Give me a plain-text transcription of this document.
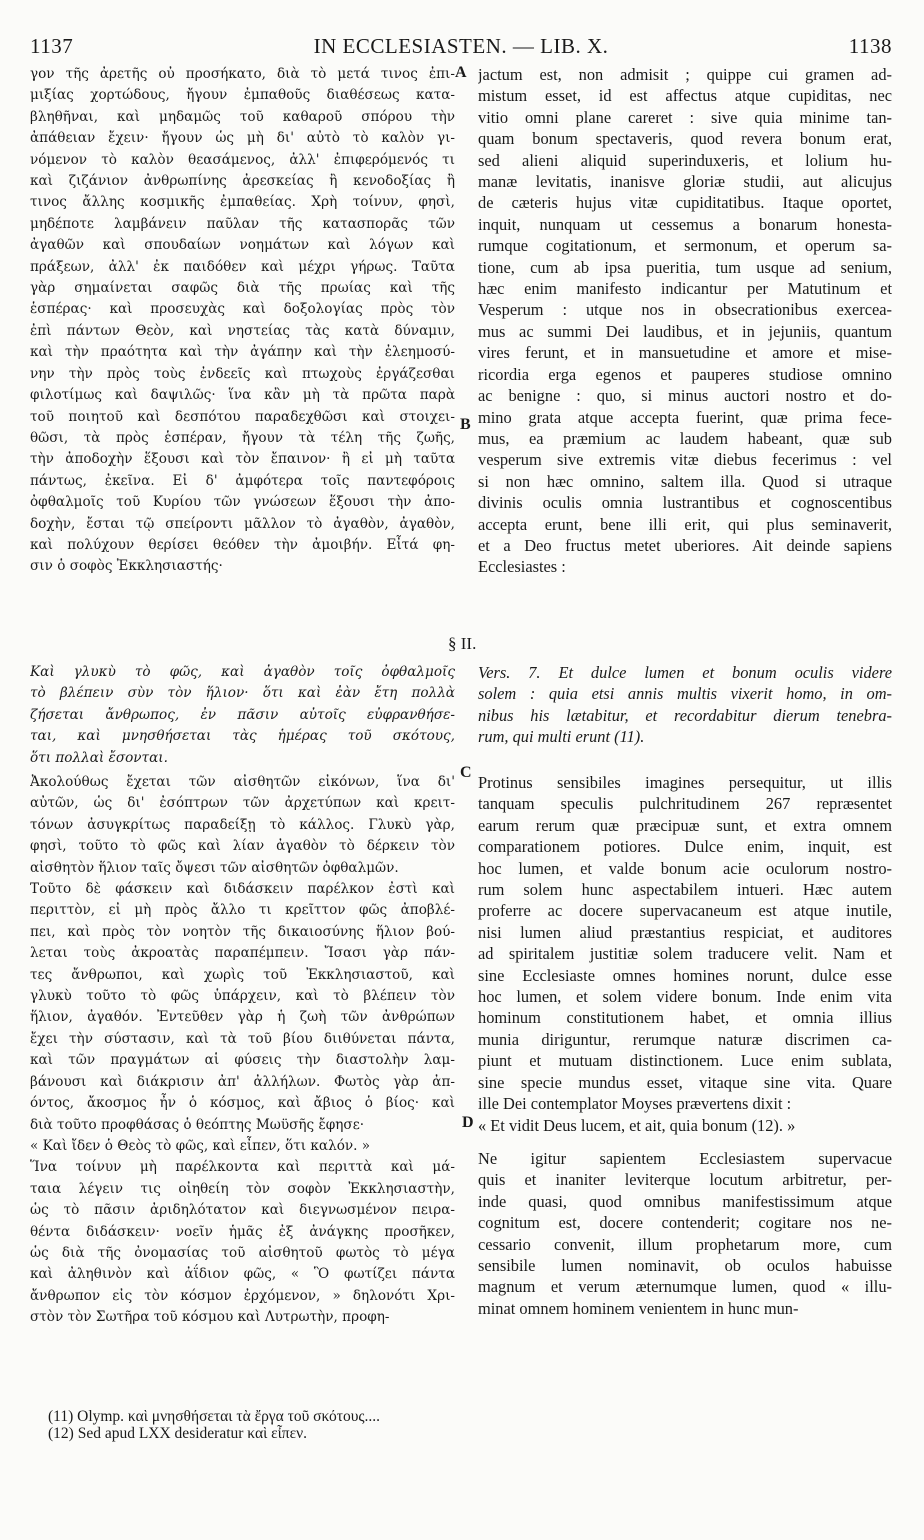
1137	IN ECCLESIASTEN. — LIB. X.	1138
γον τῆς ἀρετῆς οὐ προσήκατο, διὰ τὸ μετά τινος ἐπι-
μιξίας χορτώδους, ἤγουν ἐμπαθοῦς διαθέσεως κατα-
βληθῆναι, καὶ μηδαμῶς τοῦ καθαροῦ σπόρου τὴν
ἀπάθειαν ἔχειν· ἤγουν ὡς μὴ δι' αὐτὸ τὸ καλὸν γι-
νόμενον τὸ καλὸν θεασάμενος, ἀλλ' ἐπιφερόμενός τι
καὶ ζιζάνιον ἀνθρωπίνης ἀρεσκείας ἢ κενοδοξίας ἢ
τινος ἄλλης κοσμικῆς ἐμπαθείας. Χρὴ τοίνυν, φησὶ,
μηδέποτε λαμβάνειν παῦλαν τῆς κατασπορᾶς τῶν
ἀγαθῶν καὶ σπουδαίων νοημάτων καὶ λόγων καὶ
πράξεων, ἀλλ' ἐκ παιδόθεν καὶ μέχρι γήρως. Ταῦτα
γὰρ σημαίνεται σαφῶς διὰ τῆς πρωίας καὶ τῆς
ἑσπέρας· καὶ προσευχὰς καὶ δοξολογίας πρὸς τὸν
ἐπὶ πάντων Θεὸν, καὶ νηστείας τὰς κατὰ δύναμιν,
καὶ τὴν πραότητα καὶ τὴν ἀγάπην καὶ τὴν ἐλεημοσύ-
νην τὴν πρὸς τοὺς ἐνδεεῖς καὶ πτωχοὺς ἐργάζεσθαι
φιλοτίμως καὶ δαψιλῶς· ἵνα κἂν μὴ τὰ πρῶτα παρὰ
τοῦ ποιητοῦ καὶ δεσπότου παραδεχθῶσι καὶ στοιχει-
θῶσι, τὰ πρὸς ἑσπέραν, ἤγουν τὰ τέλη τῆς ζωῆς,
τὴν ἀποδοχὴν ἕξουσι καὶ τὸν ἔπαινον· ἢ εἰ μὴ ταῦτα
πάντως, ἐκεῖνα. Εἰ δ' ἀμφότερα τοῖς παντεφόροις
ὀφθαλμοῖς τοῦ Κυρίου τῶν γνώσεων ἕξουσι τὴν ἀπο-
δοχὴν, ἔσται τῷ σπείροντι μᾶλλον τὸ ἀγαθὸν, ἀγαθὸν,
καὶ πολύχουν θερίσει θεόθεν τὴν ἀμοιβήν. Εἶτά φη-
σιν ὁ σοφὸς Ἐκκλησιαστής·
jactum est, non admisit ; quippe cui gramen ad-
mistum esset, id est affectus atque cupiditas, nec
vitio omni plane careret : sive quia minime tan-
quam bonum spectaveris, quod revera bonum erat,
sed alieni aliquid superinduxeris, et lolium hu-
manæ levitatis, inanisve gloriæ studii, aut alicujus
de cæteris hujus vitæ cupiditatibus. Itaque oportet,
inquit, nunquam ut cessemus a bonarum honesta-
rumque cogitationum, et sermonum, et operum sa-
tione, cum ab ipsa pueritia, tum usque ad senium,
hæc enim manifesto indicantur per Matutinum et
Vesperum : utque nos in obsecrationibus exercea-
mus ac summi Dei laudibus, et in jejuniis, quantum
vires ferunt, et in mansuetudine et amore et mise-
ricordia erga egenos et pauperes studiose omnino
ac benigne : quo, si minus auctori nostro et do-
mino grata atque accepta fuerint, quæ prima fece-
mus, ea præmium ac laudem habeant, quæ sub
vesperum sive extremis vitæ diebus fecerimus : vel
si non hæc omnino, saltem illa. Quod si utraque
divinis oculis omnia lustrantibus et cognoscentibus
accepta erunt, bene illi erit, qui plus seminaverit,
et a Deo fructus metet uberiores. Ait deinde sapiens
Ecclesiastes :
A
B
C
D
§ II.
Καὶ γλυκὺ τὸ φῶς, καὶ ἀγαθὸν τοῖς ὀφθαλμοῖς
τὸ βλέπειν σὺν τὸν ἥλιον· ὅτι καὶ ἐὰν ἔτη πολλὰ
ζήσεται ἄνθρωπος, ἐν πᾶσιν αὐτοῖς εὐφρανθήσε-
ται, καὶ μνησθήσεται τὰς ἡμέρας τοῦ σκότους,
ὅτι πολλαὶ ἔσονται.
Vers. 7. Et dulce lumen et bonum oculis videre
solem : quia etsi annis multis vixerit homo, in om-
nibus his lætabitur, et recordabitur dierum tenebra-
rum, qui multi erunt (11).
Ἀκολούθως ἔχεται τῶν αἰσθητῶν εἰκόνων, ἵνα δι'
αὐτῶν, ὡς δι' ἐσόπτρων τῶν ἀρχετύπων καὶ κρειτ-
τόνων ἀσυγκρίτως παραδείξῃ τὸ κάλλος. Γλυκὺ γὰρ,
φησὶ, τοῦτο τὸ φῶς καὶ λίαν ἀγαθὸν τὸ δέρκειν τὸν
αἰσθητὸν ἥλιον ταῖς ὄψεσι τῶν αἰσθητῶν ὀφθαλμῶν.
Τοῦτο δὲ φάσκειν καὶ διδάσκειν παρέλκον ἐστὶ καὶ
περιττὸν, εἰ μὴ πρὸς ἄλλο τι κρεῖττον φῶς ἀποβλέ-
πει, καὶ πρὸς τὸν νοητὸν τῆς δικαιοσύνης ἥλιον βού-
λεται τοὺς ἀκροατὰς παραπέμπειν. Ἴσασι γὰρ πάν-
τες ἄνθρωποι, καὶ χωρὶς τοῦ Ἐκκλησιαστοῦ, καὶ
γλυκὺ τοῦτο τὸ φῶς ὑπάρχειν, καὶ τὸ βλέπειν τὸν
ἥλιον, ἀγαθόν. Ἐντεῦθεν γὰρ ἡ ζωὴ τῶν ἀνθρώπων
ἔχει τὴν σύστασιν, καὶ τὰ τοῦ βίου διιθύνεται πάντα,
καὶ τῶν πραγμάτων αἱ φύσεις τὴν διαστολὴν λαμ-
βάνουσι καὶ διάκρισιν ἀπ' ἀλλήλων. Φωτὸς γὰρ ἀπ-
όντος, ἄκοσμος ἦν ὁ κόσμος, καὶ ἄβιος ὁ βίος· καὶ
διὰ τοῦτο προφθάσας ὁ θεόπτης Μωϋσῆς ἔφησε·
« Καὶ ἴδεν ὁ Θεὸς τὸ φῶς, καὶ εἶπεν, ὅτι καλόν. »
Ἵνα τοίνυν μὴ παρέλκοντα καὶ περιττὰ καὶ μά-
ταια λέγειν τις οἰηθείη τὸν σοφὸν Ἐκκλησιαστὴν,
ὡς τὸ πᾶσιν ἀριδηλότατον καὶ διεγνωσμένον πειρα-
θέντα διδάσκειν· νοεῖν ἡμᾶς ἐξ ἀνάγκης προσῆκεν,
ὡς διὰ τῆς ὀνομασίας τοῦ αἰσθητοῦ φωτὸς τὸ μέγα
καὶ ἀληθινὸν καὶ ἀΐδιον φῶς, « Ὃ φωτίζει πάντα
ἄνθρωπον εἰς τὸν κόσμον ἐρχόμενον, » δηλονότι Χρι-
στὸν τὸν Σωτῆρα τοῦ κόσμου καὶ Λυτρωτὴν, προφη-
Protinus sensibiles imagines persequitur, ut illis
tanquam speculis pulchritudinem 267 repræsentet
earum rerum quæ præcipuæ sunt, et extra omnem
comparationem potiores. Dulce enim, inquit, est
hoc lumen, et valde bonum acie oculorum nostro-
rum solem hunc aspectabilem intueri. Hæc autem
proferre ac docere supervacaneum est atque inutile,
nisi lumen aliud præstantius respiciat, et auditores
ad spiritalem justitiæ solem traducere velit. Nam et
sine Ecclesiaste omnes homines norunt, dulce esse
hoc lumen, et solem videre bonum. Inde enim vita
hominum constitutionem habet, et omnia illius
munia diriguntur, rerumque naturæ discrimen ca-
piunt et mutuam distinctionem. Luce enim sublata,
sine specie mundus esset, vitaque sine vita. Quare
ille Dei contemplator Moyses prævertens dixit :
« Et vidit Deus lucem, et ait, quia bonum (12). »
Ne igitur sapientem Ecclesiastem supervacue
quis et inaniter leviterque locutum arbitretur, per-
inde quasi, quod omnibus manifestissimum atque
cognitum est, docere contenderit; cogitare nos ne-
cessario convenit, illum prophetarum more, cum
sensibile lumen nominavit, ob oculos habuisse
magnum et verum æternumque lumen, quod « illu-
minat omnem hominem venientem in hunc mun-
(11) Olymp. καὶ μνησθήσεται τὰ ἔργα τοῦ σκότους....
(12) Sed apud LXX desideratur καὶ εἶπεν.
